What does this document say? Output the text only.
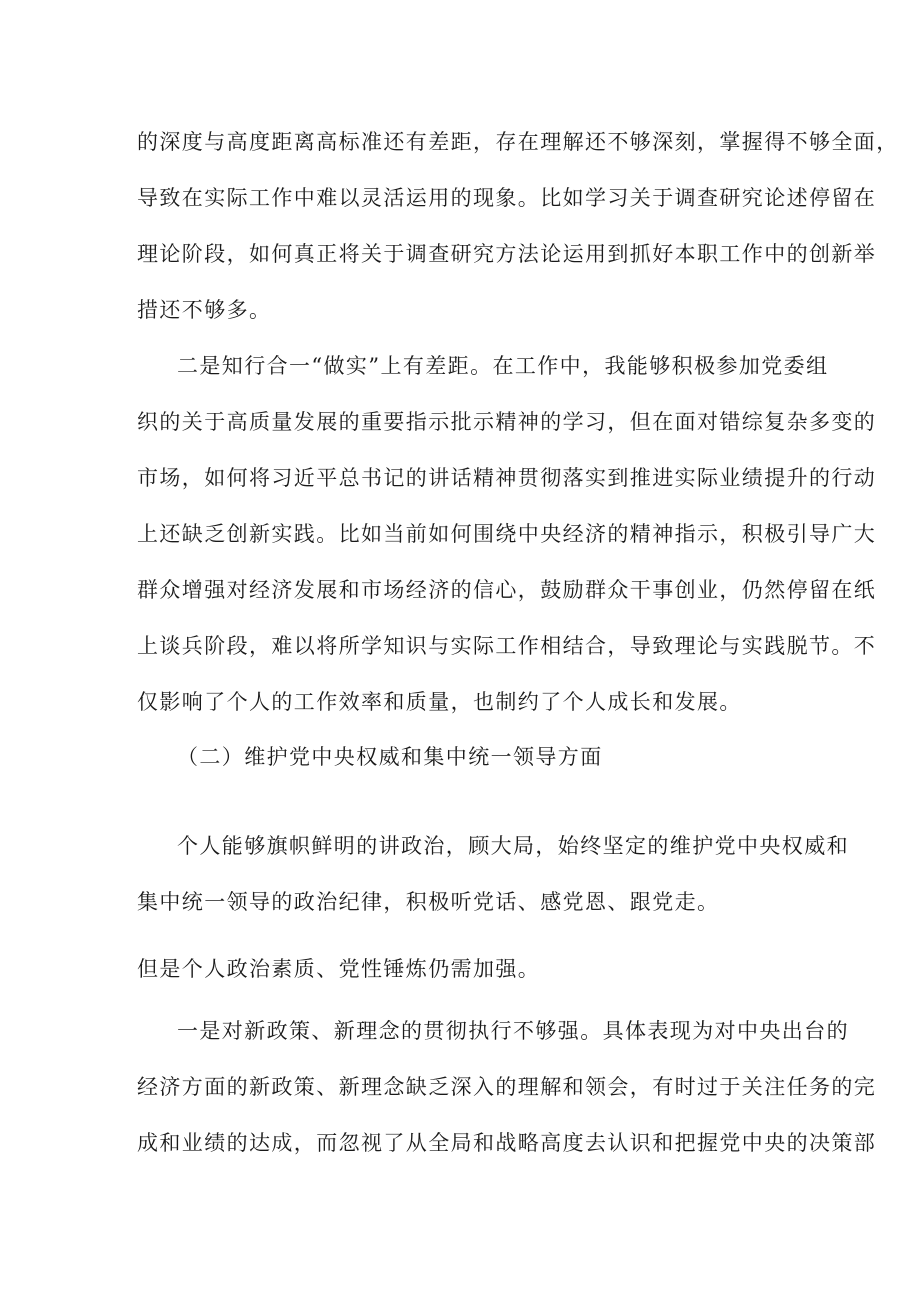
的深度与高度距离高标准还有差距，存在理解还不够深刻，掌握得不够全面，
导致在实际工作中难以灵活运用的现象。比如学习关于调查研究论述停留在
理论阶段，如何真正将关于调查研究方法论运用到抓好本职工作中的创新举
措还不够多。
二是知行合一“做实”上有差距。在工作中，我能够积极参加党委组
织的关于高质量发展的重要指示批示精神的学习，但在面对错综复杂多变的
市场，如何将习近平总书记的讲话精神贯彻落实到推进实际业绩提升的行动
上还缺乏创新实践。比如当前如何围绕中央经济的精神指示，积极引导广大
群众增强对经济发展和市场经济的信心，鼓励群众干事创业，仍然停留在纸
上谈兵阶段，难以将所学知识与实际工作相结合，导致理论与实践脱节。不
仅影响了个人的工作效率和质量，也制约了个人成长和发展。
（二）维护党中央权威和集中统一领导方面
个人能够旗帜鲜明的讲政治，顾大局，始终坚定的维护党中央权威和
集中统一领导的政治纪律，积极听党话、感党恩、跟党走。
但是个人政治素质、党性锤炼仍需加强。
一是对新政策、新理念的贯彻执行不够强。具体表现为对中央出台的
经济方面的新政策、新理念缺乏深入的理解和领会，有时过于关注任务的完
成和业绩的达成，而忽视了从全局和战略高度去认识和把握党中央的决策部
